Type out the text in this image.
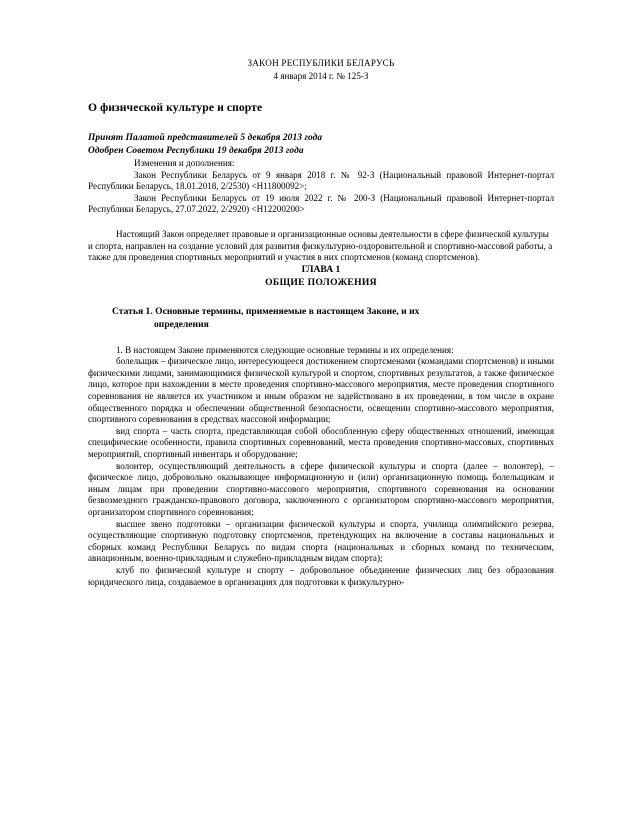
ЗАКОН РЕСПУБЛИКИ БЕЛАРУСЬ
4 января 2014 г. № 125-З
О физической культуре и спорте
Принят Палатой представителей 5 декабря 2013 года
Одобрен Советом Республики 19 декабря 2013 года
Изменения и дополнения:
Закон Республики Беларусь от 9 января 2018 г. № 92-З (Национальный правовой Интернет-портал Республики Беларусь, 18.01.2018, 2/2530) <H11800092>;
Закон Республики Беларусь от 19 июля 2022 г. № 200-З (Национальный правовой Интернет-портал Республики Беларусь, 27.07.2022, 2/2920) <H12200200>
Настоящий Закон определяет правовые и организационные основы деятельности в сфере физической культуры и спорта, направлен на создание условий для развития физкультурно-оздоровительной и спортивно-массовой работы, а также для проведения спортивных мероприятий и участия в них спортсменов (команд спортсменов).
ГЛАВА 1
ОБЩИЕ ПОЛОЖЕНИЯ
Статья 1. Основные термины, применяемые в настоящем Законе, и их
определения
1. В настоящем Законе применяются следующие основные термины и их определения:
болельщик – физическое лицо, интересующееся достижением спортсменами (командами спортсменов) и иными физическими лицами, занимающимися физической культурой и спортом, спортивных результатов, а также физическое лицо, которое при нахождении в месте проведения спортивно-массового мероприятия, месте проведения спортивного соревнования не является их участником и иным образом не задействовано в их проведении, в том числе в охране общественного порядка и обеспечении общественной безопасности, освещении спортивно-массового мероприятия, спортивного соревнования в средствах массовой информации;
вид спорта – часть спорта, представляющая собой обособленную сферу общественных отношений, имеющая специфические особенности, правила спортивных соревнований, места проведения спортивно-массовых, спортивных мероприятий, спортивный инвентарь и оборудование;
волонтер, осуществляющий деятельность в сфере физической культуры и спорта (далее – волонтер), – физическое лицо, добровольно оказывающее информационную и (или) организационную помощь болельщикам и иным лицам при проведении спортивно-массового мероприятия, спортивного соревнования на основании безвозмездного гражданско-правового договора, заключенного с организатором спортивно-массового мероприятия, организатором спортивного соревнования;
высшее звено подготовки – организации физической культуры и спорта, училища олимпийского резерва, осуществляющие спортивную подготовку спортсменов, претендующих на включение в составы национальных и сборных команд Республики Беларусь по видам спорта (национальных и сборных команд по техническим, авиационным, военно-прикладным и служебно-прикладным видам спорта);
клуб по физической культуре и спорту – добровольное объединение физических лиц без образования юридического лица, создаваемое в организациях для подготовки к физкультурно-
